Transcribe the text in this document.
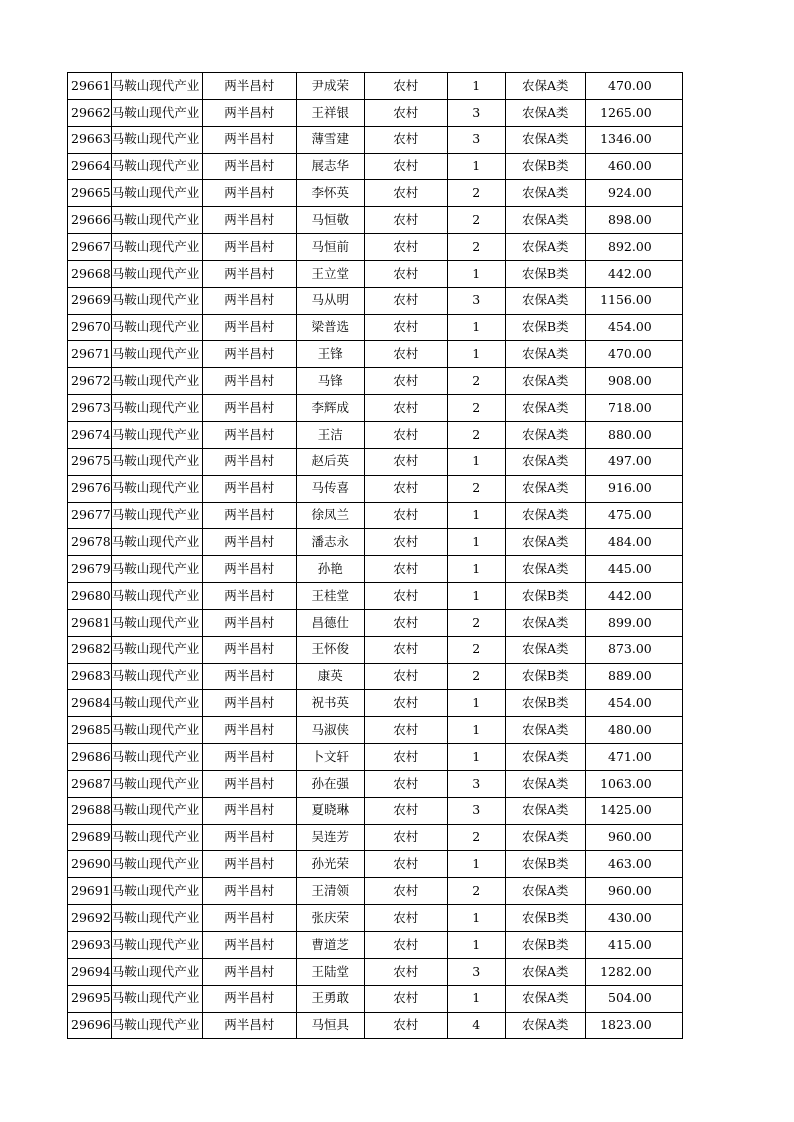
29661	马鞍山现代产业	两半昌村	尹成荣	农村	1	农保A类	470.00
29662	马鞍山现代产业	两半昌村	王祥银	农村	3	农保A类	1265.00
29663	马鞍山现代产业	两半昌村	薄雪建	农村	3	农保A类	1346.00
29664	马鞍山现代产业	两半昌村	展志华	农村	1	农保B类	460.00
29665	马鞍山现代产业	两半昌村	李怀英	农村	2	农保A类	924.00
29666	马鞍山现代产业	两半昌村	马恒敬	农村	2	农保A类	898.00
29667	马鞍山现代产业	两半昌村	马恒前	农村	2	农保A类	892.00
29668	马鞍山现代产业	两半昌村	王立堂	农村	1	农保B类	442.00
29669	马鞍山现代产业	两半昌村	马从明	农村	3	农保A类	1156.00
29670	马鞍山现代产业	两半昌村	梁普选	农村	1	农保B类	454.00
29671	马鞍山现代产业	两半昌村	王锋	农村	1	农保A类	470.00
29672	马鞍山现代产业	两半昌村	马锋	农村	2	农保A类	908.00
29673	马鞍山现代产业	两半昌村	李辉成	农村	2	农保A类	718.00
29674	马鞍山现代产业	两半昌村	王洁	农村	2	农保A类	880.00
29675	马鞍山现代产业	两半昌村	赵后英	农村	1	农保A类	497.00
29676	马鞍山现代产业	两半昌村	马传喜	农村	2	农保A类	916.00
29677	马鞍山现代产业	两半昌村	徐凤兰	农村	1	农保A类	475.00
29678	马鞍山现代产业	两半昌村	潘志永	农村	1	农保A类	484.00
29679	马鞍山现代产业	两半昌村	孙艳	农村	1	农保A类	445.00
29680	马鞍山现代产业	两半昌村	王桂堂	农村	1	农保B类	442.00
29681	马鞍山现代产业	两半昌村	昌德仕	农村	2	农保A类	899.00
29682	马鞍山现代产业	两半昌村	王怀俊	农村	2	农保A类	873.00
29683	马鞍山现代产业	两半昌村	康英	农村	2	农保B类	889.00
29684	马鞍山现代产业	两半昌村	祝书英	农村	1	农保B类	454.00
29685	马鞍山现代产业	两半昌村	马淑侠	农村	1	农保A类	480.00
29686	马鞍山现代产业	两半昌村	卜文轩	农村	1	农保A类	471.00
29687	马鞍山现代产业	两半昌村	孙在强	农村	3	农保A类	1063.00
29688	马鞍山现代产业	两半昌村	夏晓琳	农村	3	农保A类	1425.00
29689	马鞍山现代产业	两半昌村	吴连芳	农村	2	农保A类	960.00
29690	马鞍山现代产业	两半昌村	孙光荣	农村	1	农保B类	463.00
29691	马鞍山现代产业	两半昌村	王清领	农村	2	农保A类	960.00
29692	马鞍山现代产业	两半昌村	张庆荣	农村	1	农保B类	430.00
29693	马鞍山现代产业	两半昌村	曹道芝	农村	1	农保B类	415.00
29694	马鞍山现代产业	两半昌村	王陆堂	农村	3	农保A类	1282.00
29695	马鞍山现代产业	两半昌村	王勇敢	农村	1	农保A类	504.00
29696	马鞍山现代产业	两半昌村	马恒具	农村	4	农保A类	1823.00
